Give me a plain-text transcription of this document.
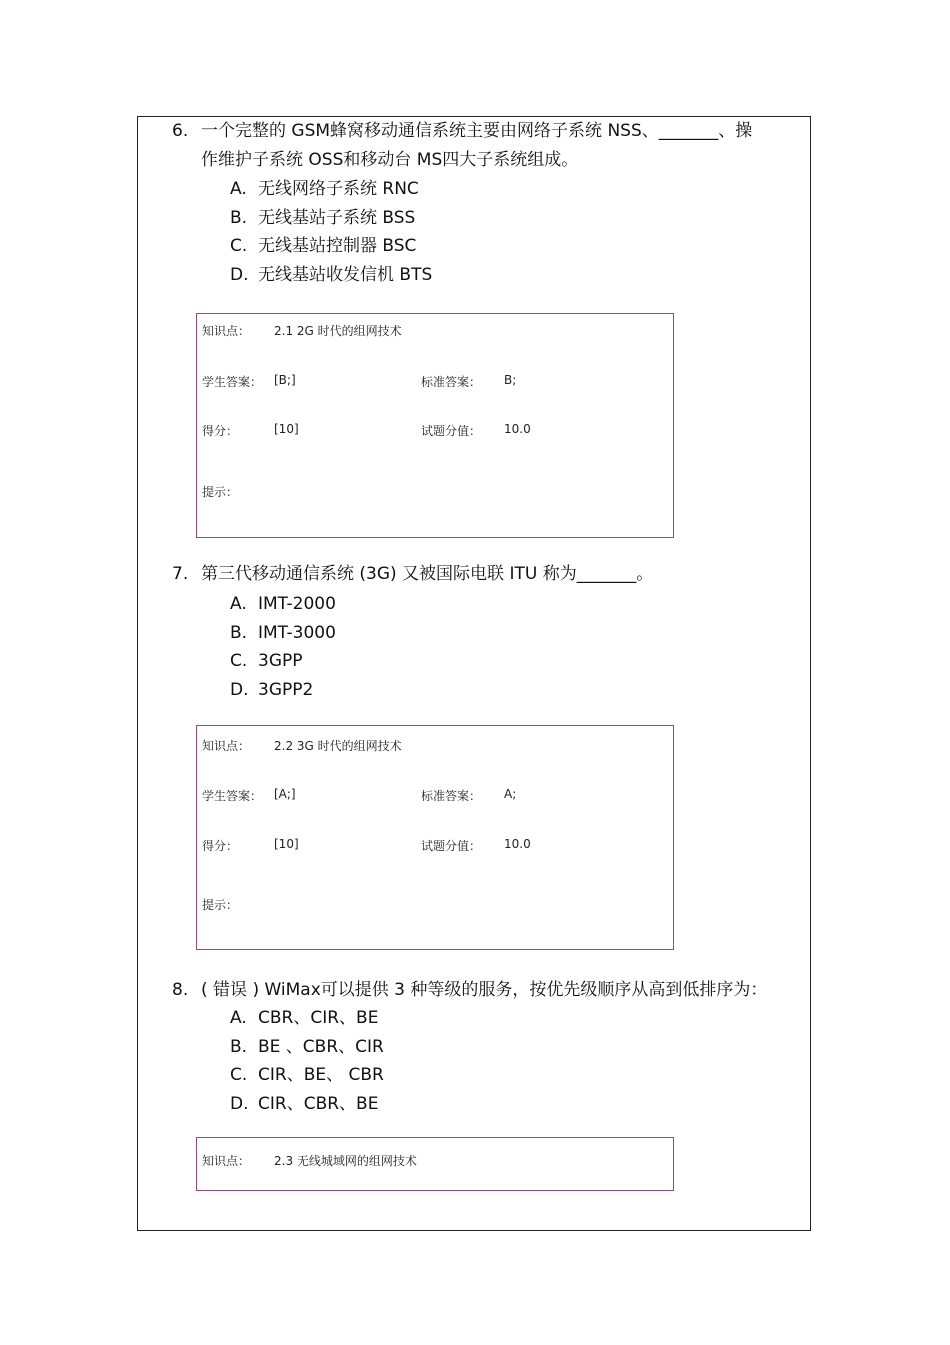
6. 一个完整的 GSM蜂窝移动通信系统主要由网络子系统 NSS、_______、操
作维护子系统 OSS和移动台 MS四大子系统组成。
A. 无线网络子系统 RNC
B. 无线基站子系统 BSS
C. 无线基站控制器 BSC
D. 无线基站收发信机 BTS
知识点： 2.1 2G 时代的组网技术
学生答案： [B;]	标准答案： B;
得分：	[10]	试题分值： 10.0
提示：
7. 第三代移动通信系统 (3G) 又被国际电联 ITU 称为_______。
A. IMT-2000
B. IMT-3000
C. 3GPP
D. 3GPP2
知识点： 2.2 3G 时代的组网技术
学生答案： [A;]	标准答案： A;
得分：	[10]	试题分值： 10.0
提示：
8. ( 错误 ) WiMax可以提供 3 种等级的服务，按优先级顺序从高到低排序为：
A. CBR、CIR、BE
B. BE 、CBR、CIR
C. CIR、BE、 CBR
D. CIR、CBR、BE
知识点： 2.3 无线城域网的组网技术
